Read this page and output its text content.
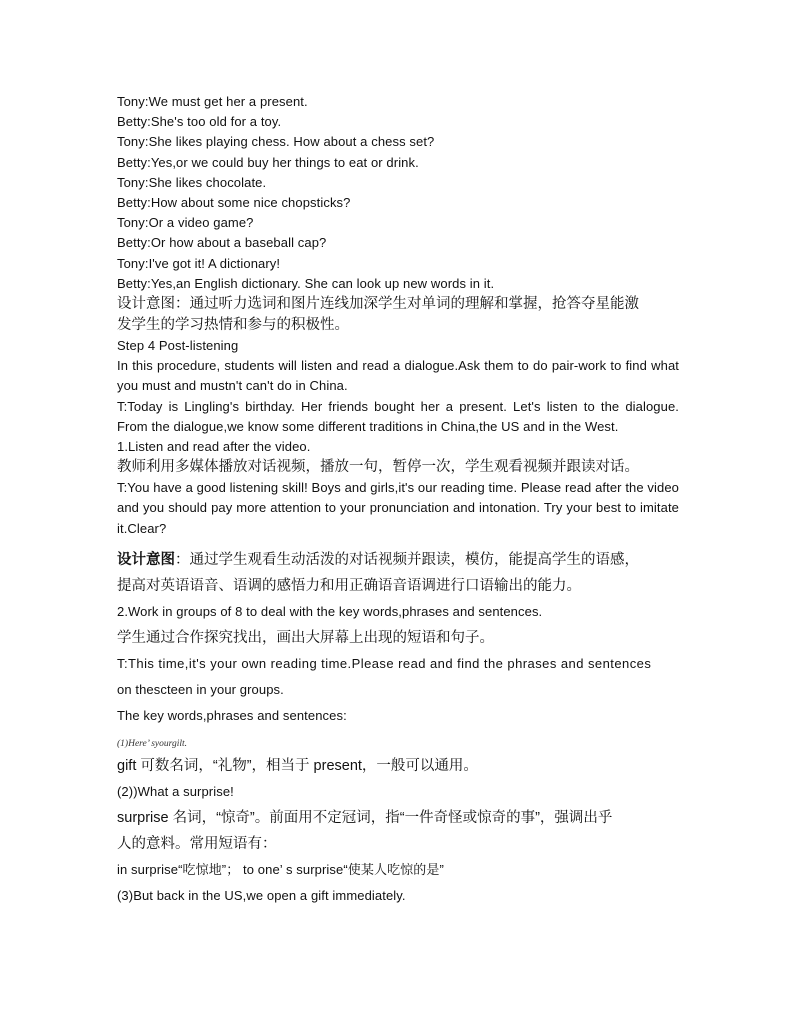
Tony:We must get her a present.
Betty:She's too old for a toy.
Tony:She likes playing chess. How about a chess set?
Betty:Yes,or we could buy her things to eat or drink.
Tony:She likes chocolate.
Betty:How about some nice chopsticks?
Tony:Or a video game?
Betty:Or how about a baseball cap?
Tony:I've got it! A dictionary!
Betty:Yes,an English dictionary. She can look up new words in it.
设计意图：通过听力选词和图片连线加深学生对单词的理解和掌握，抢答夺星能激
发学生的学习热情和参与的积极性。
Step 4 Post-listening
In this procedure, students will listen and read a dialogue.Ask them to do pair-work to find what you must and mustn't can't do in China.
T:Today is Lingling's birthday. Her friends bought her a present. Let's listen to the dialogue. From the dialogue,we know some different traditions in China,the US and in the West.
1.Listen and read after the video.
教师利用多媒体播放对话视频，播放一句，暂停一次，学生观看视频并跟读对话。
T:You have a good listening skill! Boys and girls,it's our reading time. Please read after the video and you should pay more attention to your pronunciation and intonation. Try your best to imitate it.Clear?
设计意图：通过学生观看生动活泼的对话视频并跟读，模仿，能提高学生的语感，
提高对英语语音、语调的感悟力和用正确语音语调进行口语输出的能力。
2.Work in groups of 8 to deal with the key words,phrases and sentences.
学生通过合作探究找出，画出大屏幕上出现的短语和句子。
T:This time,it's your own reading time.Please read and find the phrases and sentences
on thescteen in your groups.
The key words,phrases and sentences:
(1)Here’ syourgilt.
gift 可数名词，“礼物”，相当于 present，一般可以通用。
(2))What a surprise!
surprise 名词，“惊奇”。前面用不定冠词，指“一件奇怪或惊奇的事”，强调出乎
人的意料。常用短语有：
in surprise“吃惊地”； to one’ s surprise“使某人吃惊的是”
(3)But back in the US,we open a gift immediately.
